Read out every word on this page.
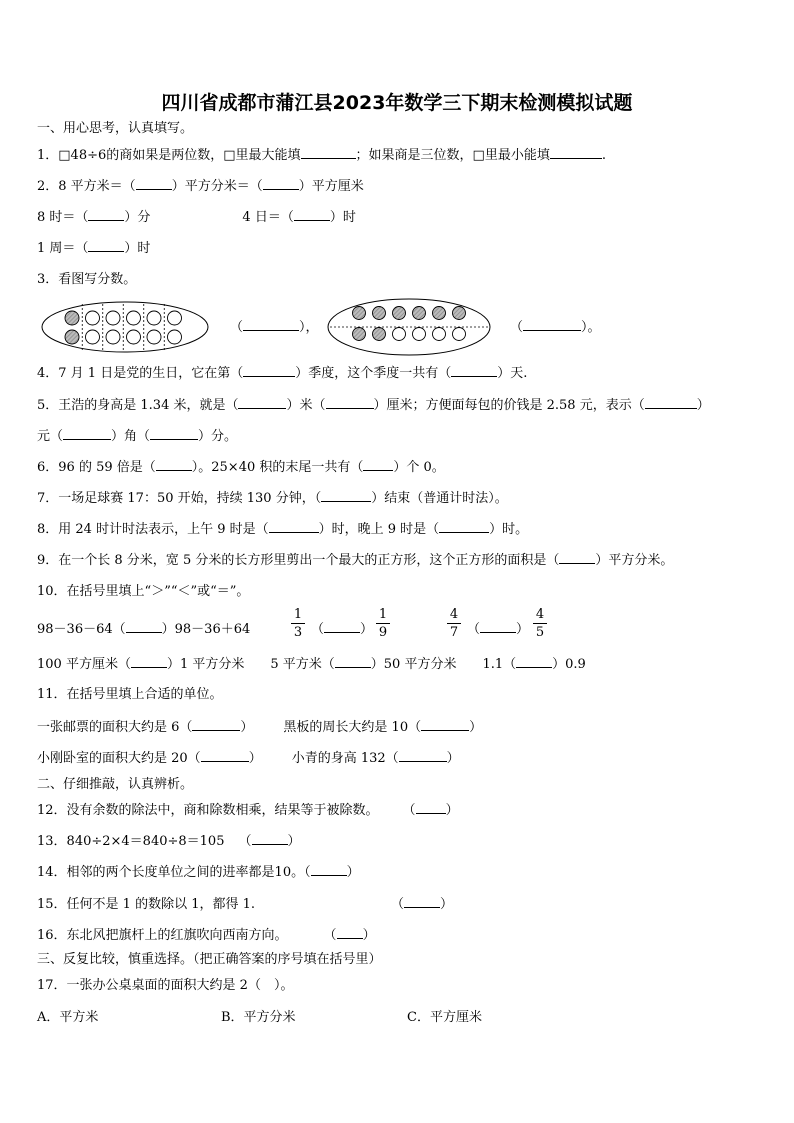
四川省成都市蒲江县2023年数学三下期末检测模拟试题
一、用心思考，认真填写。
1．□48÷6的商如果是两位数，□里最大能填	；如果商是三位数，□里最小能填	.
2．8 平方米＝（	）平方分米＝（	）平方厘米
8 时＝（	）分	4 日＝（	）时
1 周＝（	）时
3．看图写分数。
（	），	（	）。
4．7 月 1 日是党的生日，它在第（	）季度，这个季度一共有（	）天.
5．王浩的身高是 1.34 米，就是（	）米（	）厘米；方便面每包的价钱是 2.58 元，表示（	）
元（	）角（	）分。
6．96 的 59 倍是（	）。25×40 积的末尾一共有（ ）个 0。
7．一场足球赛 17：50 开始，持续 130 分钟，（	）结束（普通计时法）。
8．用 24 时计时法表示，上午 9 时是（	）时，晚上 9 时是（	）时。
9．在一个长 8 分米，宽 5 分米的长方形里剪出一个最大的正方形，这个正方形的面积是（	）平方分米。
10．在括号里填上“＞”“＜”或“＝”。
98－36－64（	）98－36＋64	$\frac{1}{3}$ （	） $\frac{1}{9}$	$\frac{4}{7}$ （	） $\frac{4}{5}$
100 平方厘米（	）1 平方分米 5 平方米（	）50 平方分米 1.1（	）0.9
11．在括号里填上合适的单位。
一张邮票的面积大约是 6（	） 黑板的周长大约是 10（	）
小刚卧室的面积大约是 20（	） 小青的身高 132（	）
二、仔细推敲，认真辨析。
12．没有余数的除法中，商和除数相乘，结果等于被除数。 （ ）
13．840÷2×4＝840÷8＝105 （	）
14．相邻的两个长度单位之间的进率都是10。（	）
15．任何不是 1 的数除以 1，都得 1.	（	）
16．东北风把旗杆上的红旗吹向西南方向。	（ ）
三、反复比较，慎重选择。（把正确答案的序号填在括号里）
17．一张办公桌桌面的面积大约是 2（　）。
A．平方米	B．平方分米	C．平方厘米
